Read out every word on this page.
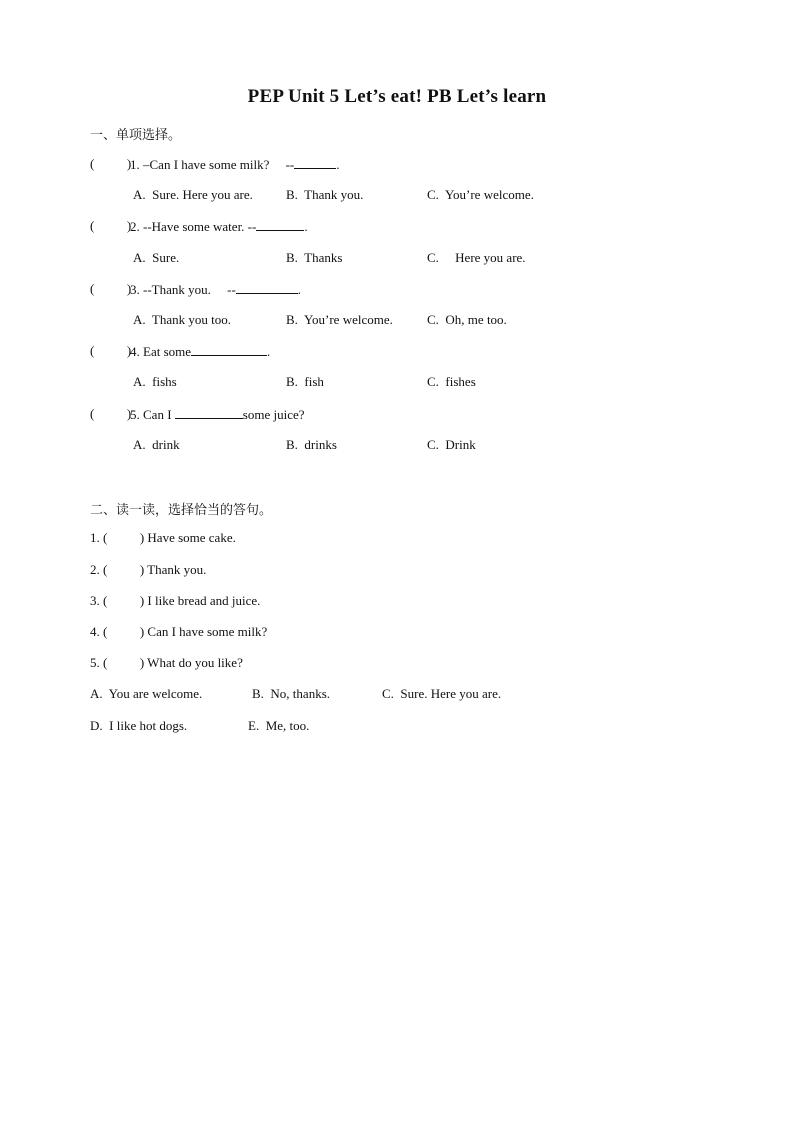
PEP Unit 5 Let’s eat! PB Let’s learn
一、单项选择。
(          )
1. –Can I have some milk?     --	.
A.  Sure. Here you are.	B.  Thank you.	C.  You’re welcome.
(          )
2. --Have some water. --	.
A.  Sure.	B.  Thanks	C.     Here you are.
(          )
3. --Thank you.     --	.
A.  Thank you too.	B.  You’re welcome.	C.  Oh, me too.
(          )
4. Eat some	.
A.  fishs	B.  fish	C.  fishes
(          )
5. Can I	some juice?
A.  drink	B.  drinks	C.  Drink
二、读一读，选择恰当的答句。
1. (          ) Have some cake.
2. (          ) Thank you.
3. (          ) I like bread and juice.
4. (          ) Can I have some milk?
5. (          ) What do you like?
A.  You are welcome.	B.  No, thanks.	C.  Sure. Here you are.
D.  I like hot dogs.	E.  Me, too.
